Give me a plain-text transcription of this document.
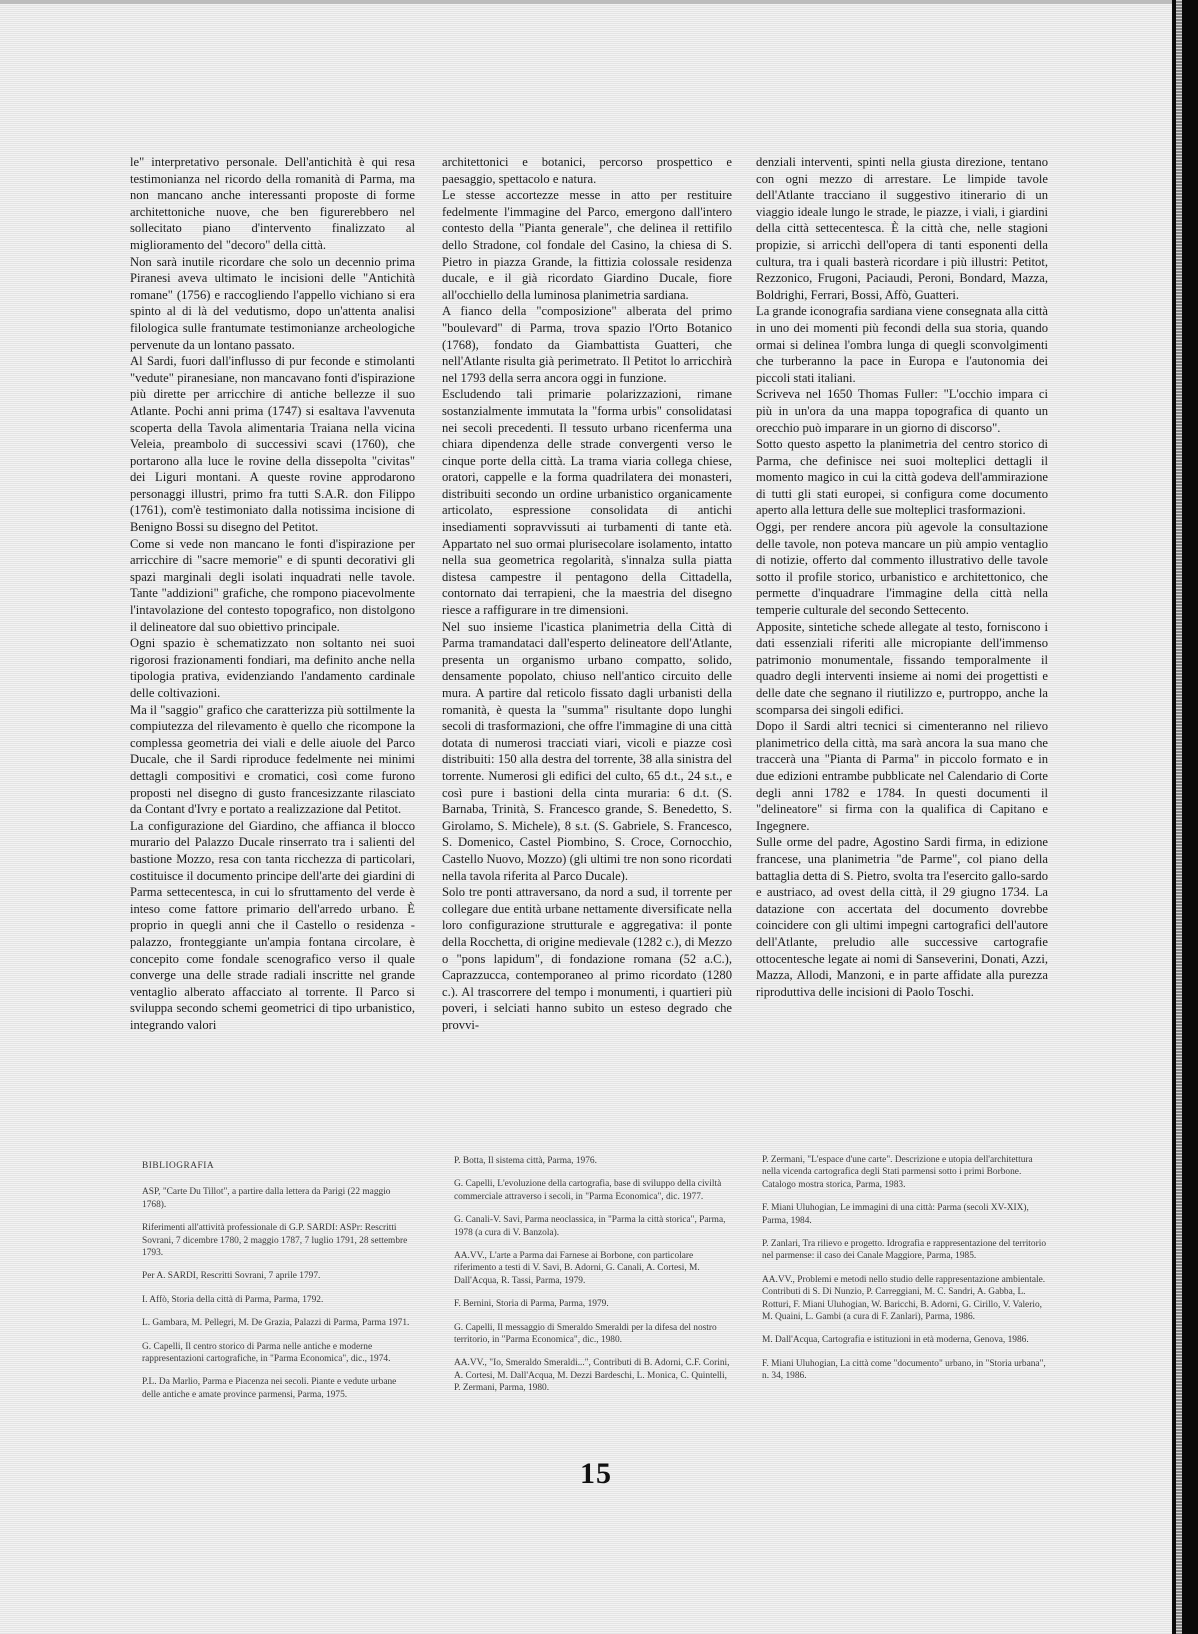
le" interpretativo personale. Dell'antichità è qui resa testimonianza nel ricordo della romanità di Parma, ma non mancano anche interessanti proposte di forme architettoniche nuove, che ben figurerebbero nel sollecitato piano d'intervento finalizzato al miglioramento del "decoro" della città.

Non sarà inutile ricordare che solo un decennio prima Piranesi aveva ultimato le incisioni delle "Antichità romane" (1756) e raccogliendo l'appello vichiano si era spinto al di là del vedutismo, dopo un'attenta analisi filologica sulle frantumate testimonianze archeologiche pervenute da un lontano passato.

Al Sardi, fuori dall'influsso di pur feconde e stimolanti "vedute" piranesiane, non mancavano fonti d'ispirazione più dirette per arricchire di antiche bellezze il suo Atlante. Pochi anni prima (1747) si esaltava l'avvenuta scoperta della Tavola alimentaria Traiana nella vicina Veleia, preambolo di successivi scavi (1760), che portarono alla luce le rovine della dissepolta "civitas" dei Liguri montani. A queste rovine approdarono personaggi illustri, primo fra tutti S.A.R. don Filippo (1761), com'è testimoniato dalla notissima incisione di Benigno Bossi su disegno del Petitot.

Come si vede non mancano le fonti d'ispirazione per arricchire di "sacre memorie" e di spunti decorativi gli spazi marginali degli isolati inquadrati nelle tavole. Tante "addizioni" grafiche, che rompono piacevolmente l'intavolazione del contesto topografico, non distolgono il delineatore dal suo obiettivo principale.

Ogni spazio è schematizzato non soltanto nei suoi rigorosi frazionamenti fondiari, ma definito anche nella tipologia prativa, evidenziando l'andamento cardinale delle coltivazioni.

Ma il "saggio" grafico che caratterizza più sottilmente la compiutezza del rilevamento è quello che ricompone la complessa geometria dei viali e delle aiuole del Parco Ducale, che il Sardi riproduce fedelmente nei minimi dettagli compositivi e cromatici, così come furono proposti nel disegno di gusto francesizzante rilasciato da Contant d'Ivry e portato a realizzazione dal Petitot.

La configurazione del Giardino, che affianca il blocco murario del Palazzo Ducale rinserrato tra i salienti del bastione Mozzo, resa con tanta ricchezza di particolari, costituisce il documento principe dell'arte dei giardini di Parma settecentesca, in cui lo sfruttamento del verde è inteso come fattore primario dell'arredo urbano. È proprio in quegli anni che il Castello o residenza - palazzo, fronteggiante un'ampia fontana circolare, è concepito come fondale scenografico verso il quale converge una delle strade radiali inscritte nel grande ventaglio alberato affacciato al torrente. Il Parco si sviluppa secondo schemi geometrici di tipo urbanistico, integrando valori

architettonici e botanici, percorso prospettico e paesaggio, spettacolo e natura.

Le stesse accortezze messe in atto per restituire fedelmente l'immagine del Parco, emergono dall'intero contesto della "Pianta generale", che delinea il rettifilo dello Stradone, col fondale del Casino, la chiesa di S. Pietro in piazza Grande, la fittizia colossale residenza ducale, e il già ricordato Giardino Ducale, fiore all'occhiello della luminosa planimetria sardiana.

A fianco della "composizione" alberata del primo "boulevard" di Parma, trova spazio l'Orto Botanico (1768), fondato da Giambattista Guatteri, che nell'Atlante risulta già perimetrato. Il Petitot lo arricchirà nel 1793 della serra ancora oggi in funzione.

Escludendo tali primarie polarizzazioni, rimane sostanzialmente immutata la "forma urbis" consolidatasi nei secoli precedenti. Il tessuto urbano ricenferma una chiara dipendenza delle strade convergenti verso le cinque porte della città. La trama viaria collega chiese, oratori, cappelle e la forma quadrilatera dei monasteri, distribuiti secondo un ordine urbanistico organicamente articolato, espressione consolidata di antichi insediamenti sopravvissuti ai turbamenti di tante età. Appartato nel suo ormai plurisecolare isolamento, intatto nella sua geometrica regolarità, s'innalza sulla piatta distesa campestre il pentagono della Cittadella, contornato dai terrapieni, che la maestria del disegno riesce a raffigurare in tre dimensioni.

Nel suo insieme l'icastica planimetria della Città di Parma tramandataci dall'esperto delineatore dell'Atlante, presenta un organismo urbano compatto, solido, densamente popolato, chiuso nell'antico circuito delle mura. A partire dal reticolo fissato dagli urbanisti della romanità, è questa la "summa" risultante dopo lunghi secoli di trasformazioni, che offre l'immagine di una città dotata di numerosi tracciati viari, vicoli e piazze così distribuiti: 150 alla destra del torrente, 38 alla sinistra del torrente. Numerosi gli edifici del culto, 65 d.t., 24 s.t., e così pure i bastioni della cinta muraria: 6 d.t. (S. Barnaba, Trinità, S. Francesco grande, S. Benedetto, S. Girolamo, S. Michele), 8 s.t. (S. Gabriele, S. Francesco, S. Domenico, Castel Piombino, S. Croce, Cornocchio, Castello Nuovo, Mozzo) (gli ultimi tre non sono ricordati nella tavola riferita al Parco Ducale).

Solo tre ponti attraversano, da nord a sud, il torrente per collegare due entità urbane nettamente diversificate nella loro configurazione strutturale e aggregativa: il ponte della Rocchetta, di origine medievale (1282 c.), di Mezzo o "pons lapidum", di fondazione romana (52 a.C.), Caprazzucca, contemporaneo al primo ricordato (1280 c.). Al trascorrere del tempo i monumenti, i quartieri più poveri, i selciati hanno subito un esteso degrado che provvi-

denziali interventi, spinti nella giusta direzione, tentano con ogni mezzo di arrestare. Le limpide tavole dell'Atlante tracciano il suggestivo itinerario di un viaggio ideale lungo le strade, le piazze, i viali, i giardini della città settecentesca. È la città che, nelle stagioni propizie, si arricchì dell'opera di tanti esponenti della cultura, tra i quali basterà ricordare i più illustri: Petitot, Rezzonico, Frugoni, Paciaudi, Peroni, Bondard, Mazza, Boldrighi, Ferrari, Bossi, Affò, Guatteri.

La grande iconografia sardiana viene consegnata alla città in uno dei momenti più fecondi della sua storia, quando ormai si delinea l'ombra lunga di quegli sconvolgimenti che turberanno la pace in Europa e l'autonomia dei piccoli stati italiani.

Scriveva nel 1650 Thomas Fuller: "L'occhio impara ci più in un'ora da una mappa topografica di quanto un orecchio può imparare in un giorno di discorso".

Sotto questo aspetto la planimetria del centro storico di Parma, che definisce nei suoi molteplici dettagli il momento magico in cui la città godeva dell'ammirazione di tutti gli stati europei, si configura come documento aperto alla lettura delle sue molteplici trasformazioni.

Oggi, per rendere ancora più agevole la consultazione delle tavole, non poteva mancare un più ampio ventaglio di notizie, offerto dal commento illustrativo delle tavole sotto il profile storico, urbanistico e architettonico, che permette d'inquadrare l'immagine della città nella temperie culturale del secondo Settecento.

Apposite, sintetiche schede allegate al testo, forniscono i dati essenziali riferiti alle micropiante dell'immenso patrimonio monumentale, fissando temporalmente il quadro degli interventi insieme ai nomi dei progettisti e delle date che segnano il riutilizzo e, purtroppo, anche la scomparsa dei singoli edifici.

Dopo il Sardi altri tecnici si cimenteranno nel rilievo planimetrico della città, ma sarà ancora la sua mano che traccerà una "Pianta di Parma" in piccolo formato e in due edizioni entrambe pubblicate nel Calendario di Corte degli anni 1782 e 1784. In questi documenti il "delineatore" si firma con la qualifica di Capitano e Ingegnere.

Sulle orme del padre, Agostino Sardi firma, in edizione francese, una planimetria "de Parme", col piano della battaglia detta di S. Pietro, svolta tra l'esercito gallo-sardo e austriaco, ad ovest della città, il 29 giugno 1734. La datazione con accertata del documento dovrebbe coincidere con gli ultimi impegni cartografici dell'autore dell'Atlante, preludio alle successive cartografie ottocentesche legate ai nomi di Sanseverini, Donati, Azzi, Mazza, Allodi, Manzoni, e in parte affidate alla purezza riproduttiva delle incisioni di Paolo Toschi.

BIBLIOGRAFIA

ASP, "Carte Du Tillot", a partire dalla lettera da Parigi (22 maggio 1768).

Riferimenti all'attività professionale di G.P. SARDI: ASPr: Rescritti Sovrani, 7 dicembre 1780, 2 maggio 1787, 7 luglio 1791, 28 settembre 1793.

Per A. SARDI, Rescritti Sovrani, 7 aprile 1797.

I. Affò, Storia della città di Parma, Parma, 1792.

L. Gambara, M. Pellegri, M. De Grazia, Palazzi di Parma, Parma 1971.

G. Capelli, Il centro storico di Parma nelle antiche e moderne rappresentazioni cartografiche, in "Parma Economica", dic., 1974.

P.L. Da Marlio, Parma e Piacenza nei secoli. Piante e vedute urbane delle antiche e amate province parmensi, Parma, 1975.

P. Botta, Il sistema città, Parma, 1976.

G. Capelli, L'evoluzione della cartografia, base di sviluppo della civiltà commerciale attraverso i secoli, in "Parma Economica", dic. 1977.

G. Canali-V. Savi, Parma neoclassica, in "Parma la città storica", Parma, 1978 (a cura di V. Banzola).

AA.VV., L'arte a Parma dai Farnese ai Borbone, con particolare riferimento a testi di V. Savi, B. Adorni, G. Canali, A. Cortesi, M. Dall'Acqua, R. Tassi, Parma, 1979.

F. Bernini, Storia di Parma, Parma, 1979.

G. Capelli, Il messaggio di Smeraldo Smeraldi per la difesa del nostro territorio, in "Parma Economica", dic., 1980.

AA.VV., "Io, Smeraldo Smeraldi...", Contributi di B. Adorni, C.F. Corini, A. Cortesi, M. Dall'Acqua, M. Dezzi Bardeschi, L. Monica, C. Quintelli, P. Zermani, Parma, 1980.

P. Zermani, "L'espace d'une carte". Descrizione e utopia dell'architettura nella vicenda cartografica degli Stati parmensi sotto i primi Borbone. Catalogo mostra storica, Parma, 1983.

F. Miani Uluhogian, Le immagini di una città: Parma (secoli XV-XIX), Parma, 1984.

P. Zanlari, Tra rilievo e progetto. Idrografia e rappresentazione del territorio nel parmense: il caso dei Canale Maggiore, Parma, 1985.

AA.VV., Problemi e metodi nello studio delle rappresentazione ambientale. Contributi di S. Di Nunzio, P. Carreggiani, M. C. Sandri, A. Gabba, L. Rotturi, F. Miani Uluhogian, W. Baricchi, B. Adorni, G. Cirillo, V. Valerio, M. Quaini, L. Gambi (a cura di F. Zanlari), Parma, 1986.

M. Dall'Acqua, Cartografia e istituzioni in età moderna, Genova, 1986.

F. Miani Uluhogian, La città come "documento" urbano, in "Storia urbana", n. 34, 1986.

15
